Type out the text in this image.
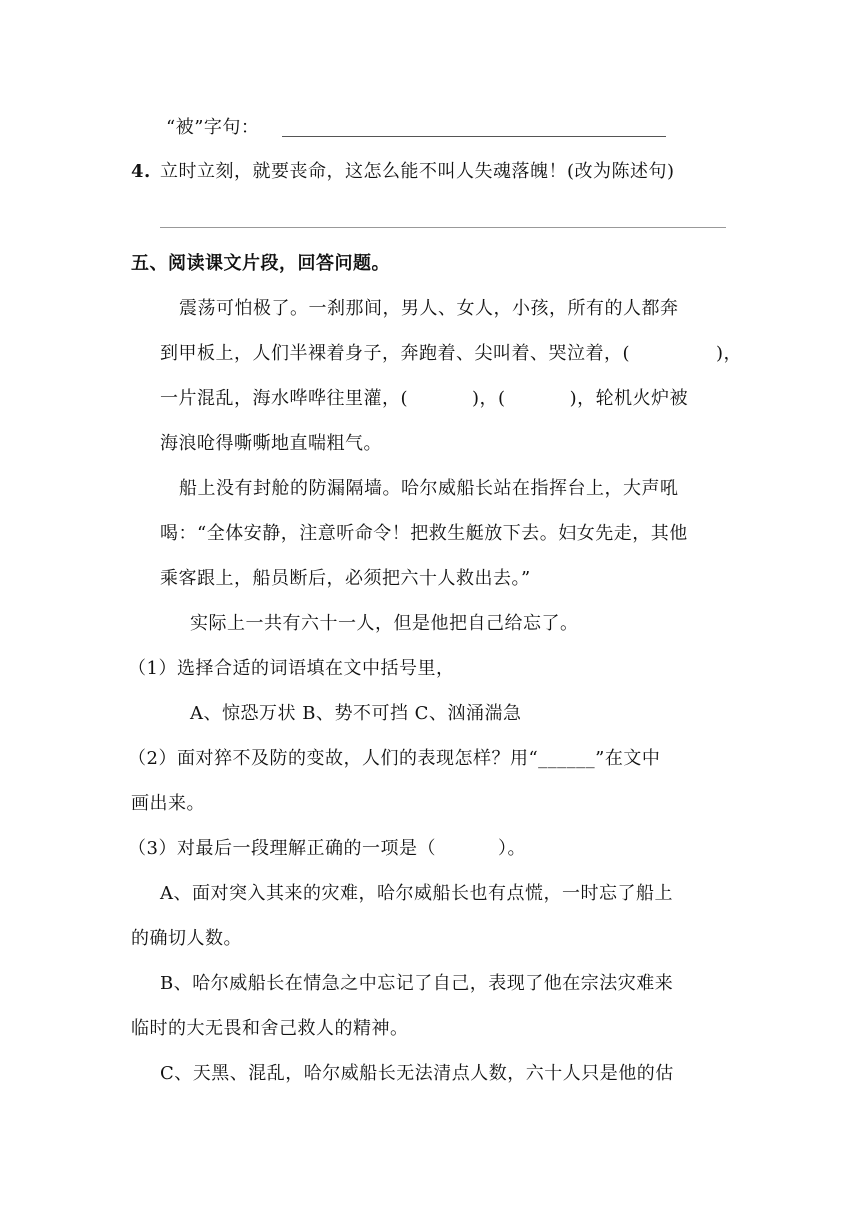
“被”字句：
4. 立时立刻，就要丧命，这怎么能不叫人失魂落魄！(改为陈述句)
五、阅读课文片段，回答问题。
震荡可怕极了。一刹那间，男人、女人，小孩，所有的人都奔
到甲板上，人们半裸着身子，奔跑着、尖叫着、哭泣着，(	)，
一片混乱，海水哗哗往里灌，(	)，(	)，轮机火炉被
海浪呛得嘶嘶地直喘粗气。
船上没有封舱的防漏隔墙。哈尔威船长站在指挥台上，大声吼
喝：“全体安静，注意听命令！把救生艇放下去。妇女先走，其他
乘客跟上，船员断后，必须把六十人救出去。”
实际上一共有六十一人，但是他把自己给忘了。
（1）选择合适的词语填在文中括号里，
A、惊恐万状 B、势不可挡 C、汹涌湍急
（2）面对猝不及防的变故，人们的表现怎样？用“______”在文中
画出来。
（3）对最后一段理解正确的一项是（	）。
A、面对突入其来的灾难，哈尔威船长也有点慌，一时忘了船上
的确切人数。
B、哈尔威船长在情急之中忘记了自己，表现了他在宗法灾难来
临时的大无畏和舍己救人的精神。
C、天黑、混乱，哈尔威船长无法清点人数，六十人只是他的估
